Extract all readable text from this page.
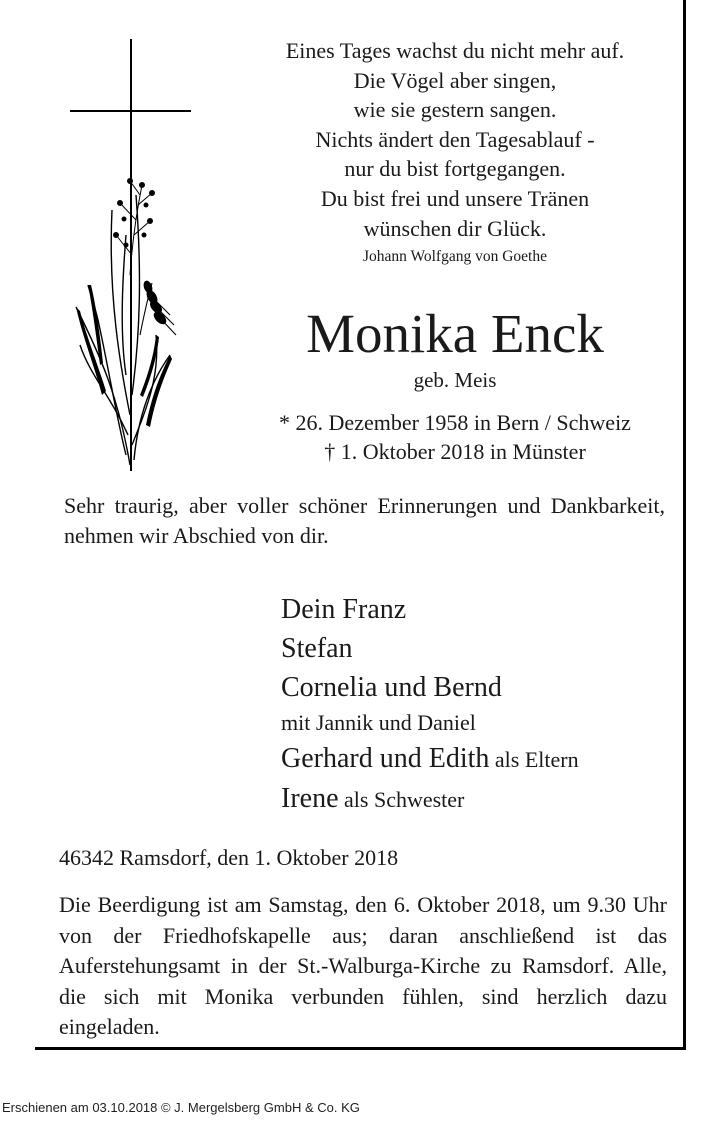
Eines Tages wachst du nicht mehr auf.
Die Vögel aber singen,
wie sie gestern sangen.
Nichts ändert den Tagesablauf -
nur du bist fortgegangen.
Du bist frei und unsere Tränen
wünschen dir Glück.
Johann Wolfgang von Goethe
Monika Enck
geb. Meis
* 26. Dezember 1958 in Bern / Schweiz
† 1. Oktober 2018 in Münster
Sehr traurig, aber voller schöner Erinnerungen und Dankbarkeit, nehmen wir Abschied von dir.
Dein Franz
Stefan
Cornelia und Bernd
mit Jannik und Daniel
Gerhard und Edith als Eltern
Irene als Schwester
46342 Ramsdorf, den 1. Oktober 2018
Die Beerdigung ist am Samstag, den 6. Oktober 2018, um 9.30 Uhr von der Friedhofskapelle aus; daran anschließend ist das Auferstehungsamt in der St.-Walburga-Kirche zu Ramsdorf. Alle, die sich mit Monika verbunden fühlen, sind herzlich dazu eingeladen.
Erschienen am 03.10.2018 © J. Mergelsberg GmbH & Co. KG
